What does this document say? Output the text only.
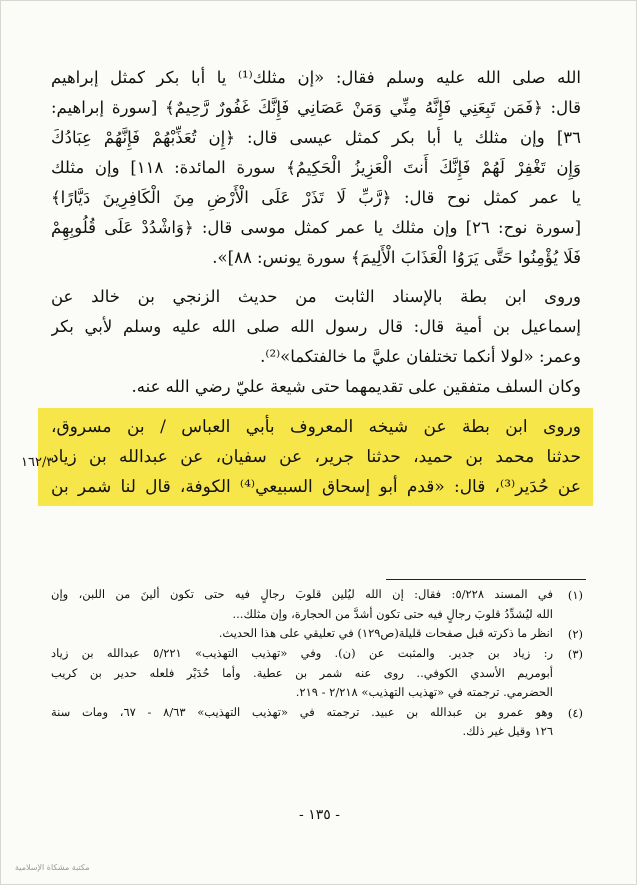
الله صلى الله عليه وسلم فقال: «إن مثلك⁽¹⁾ يا أبا بكر كمثل إبراهيم
قال: ﴿فَمَن تَبِعَنِي فَإِنَّهُ مِنِّي وَمَنْ عَصَانِي فَإِنَّكَ غَفُورٌ رَّحِيمٌ﴾ [سورة إبراهيم:
٣٦] وإن مثلك يا أبا بكر كمثل عيسى قال: ﴿إِن تُعَذِّبْهُمْ فَإِنَّهُمْ عِبَادُكَ
وَإِن تَغْفِرْ لَهُمْ فَإِنَّكَ أَنتَ الْعَزِيزُ الْحَكِيمُ﴾ سورة المائدة: ١١٨] وإن مثلك
يا عمر كمثل نوح قال: ﴿رَّبِّ لَا تَذَرْ عَلَى الْأَرْضِ مِنَ الْكَافِرِينَ دَيَّارًا﴾
[سورة نوح: ٢٦] وإن مثلك يا عمر كمثل موسى قال: ﴿وَاشْدُدْ عَلَى قُلُوبِهِمْ
فَلَا يُؤْمِنُوا حَتَّى يَرَوُا الْعَذَابَ الْأَلِيمَ﴾ سورة يونس: ٨٨]».
وروى ابن بطة بالإسناد الثابت من حديث الزنجي بن خالد عن
إسماعيل بن أمية قال: قال رسول الله صلى الله عليه وسلم لأبي بكر
وعمر: «لولا أنكما تختلفان عليَّ ما خالفتكما»⁽²⁾.
وكان السلف متفقين على تقديمهما حتى شيعة عليّ رضي الله عنه.
وروى ابن بطة عن شيخه المعروف بأبي العباس / بن مسروق،
حدثنا محمد بن حميد، حدثنا جرير، عن سفيان، عن عبدالله بن زياد
عن حُدَير⁽³⁾، قال: «قدم أبو إسحاق السبيعي⁽⁴⁾ الكوفة، قال لنا شمر بن
١٦٢/٣
(١)
في المسند ٥/٢٢٨: فقال: إن الله ليُلين قلوبَ رجالٍ فيه حتى تكون ألينَ من اللبن، وإن
الله ليُشدِّدُ قلوبَ رجالٍ فيه حتى تكون أشدَّ من الحجارة، وإن مثلك...
(٢)
انظر ما ذكرته قبل صفحات قليلة(ص١٢٩) في تعليقي على هذا الحديث.
(٣)
ر: زياد بن جدير. والمثبت عن (ن). وفي «تهذيب التهذيب» ٥/٢٢١ عبدالله بن زياد
أبومريم الأسدي الكوفي.. روى عنه شمر بن عطية. وأما حُدَيْر فلعله حدير بن كريب
الحضرمي. ترجمته في «تهذيب التهذيب» ٢/٢١٨ - ٢١٩.
(٤)
وهو عمرو بن عبدالله بن عبيد. ترجمته في «تهذيب التهذيب» ٨/٦٣ - ٦٧، ومات سنة
١٢٦ وقيل غير ذلك.
- ١٣٥ -
مكتبة مشكاة الإسلامية
